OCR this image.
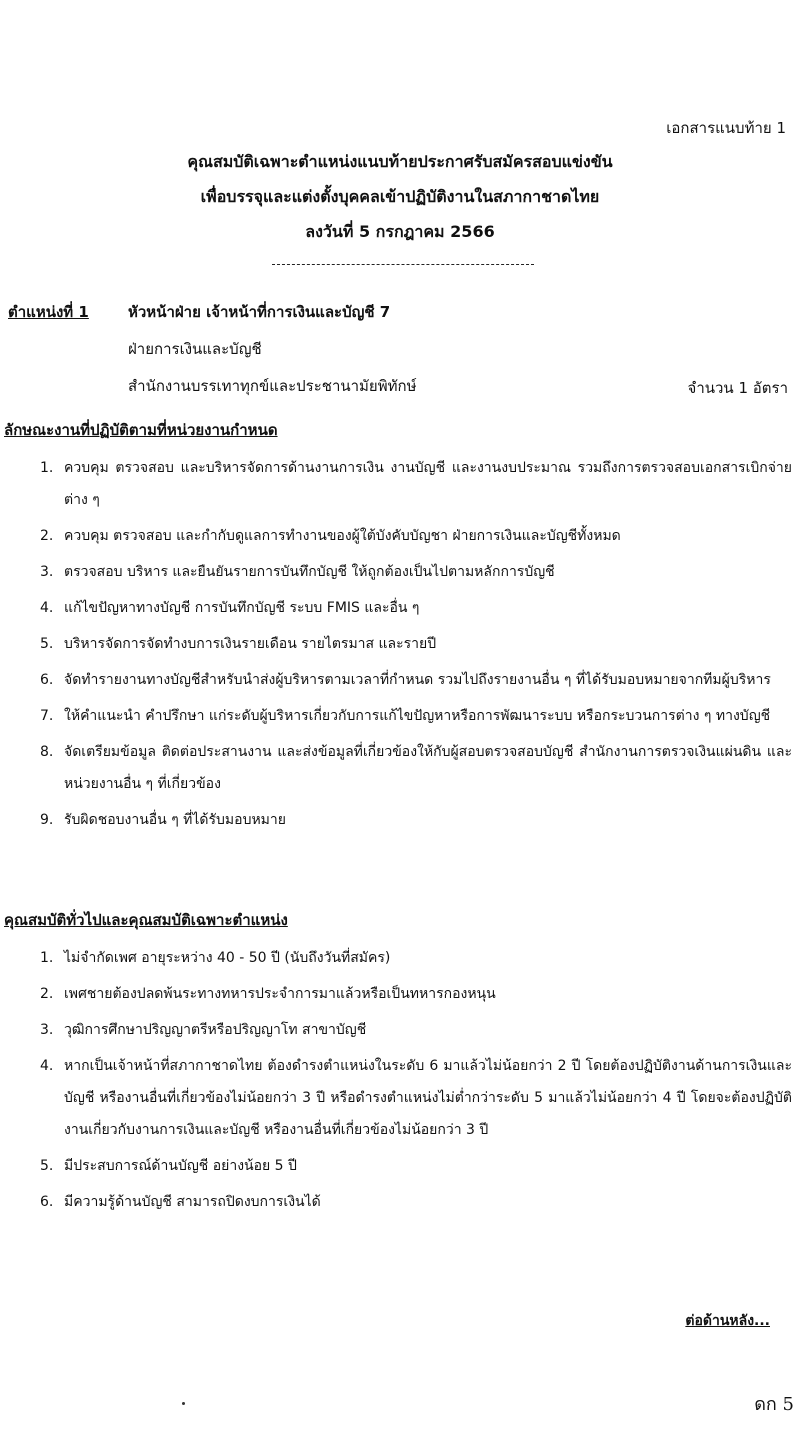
เอกสารแนบท้าย 1
คุณสมบัติเฉพาะตำแหน่งแนบท้ายประกาศรับสมัครสอบแข่งขัน
เพื่อบรรจุและแต่งตั้งบุคคลเข้าปฏิบัติงานในสภากาชาดไทย
ลงวันที่ 5 กรกฎาคม 2566
ตำแหน่งที่ 1	หัวหน้าฝ่าย เจ้าหน้าที่การเงินและบัญชี 7
ฝ่ายการเงินและบัญชี
สำนักงานบรรเทาทุกข์และประชานามัยพิทักษ์	จำนวน 1 อัตรา
ลักษณะงานที่ปฏิบัติตามที่หน่วยงานกำหนด
1. ควบคุม ตรวจสอบ และบริหารจัดการด้านงานการเงิน งานบัญชี และงานงบประมาณ รวมถึงการตรวจสอบเอกสารเบิกจ่ายต่าง ๆ
2. ควบคุม ตรวจสอบ และกำกับดูแลการทำงานของผู้ใต้บังคับบัญชา ฝ่ายการเงินและบัญชีทั้งหมด
3. ตรวจสอบ บริหาร และยืนยันรายการบันทึกบัญชี ให้ถูกต้องเป็นไปตามหลักการบัญชี
4. แก้ไขปัญหาทางบัญชี การบันทึกบัญชี ระบบ FMIS และอื่น ๆ
5. บริหารจัดการจัดทำงบการเงินรายเดือน รายไตรมาส และรายปี
6. จัดทำรายงานทางบัญชีสำหรับนำส่งผู้บริหารตามเวลาที่กำหนด รวมไปถึงรายงานอื่น ๆ ที่ได้รับมอบหมายจากทีมผู้บริหาร
7. ให้คำแนะนำ คำปรึกษา แก่ระดับผู้บริหารเกี่ยวกับการแก้ไขปัญหาหรือการพัฒนาระบบ หรือกระบวนการต่าง ๆ ทางบัญชี
8. จัดเตรียมข้อมูล ติดต่อประสานงาน และส่งข้อมูลที่เกี่ยวข้องให้กับผู้สอบตรวจสอบบัญชี สำนักงานการตรวจเงินแผ่นดิน และหน่วยงานอื่น ๆ ที่เกี่ยวข้อง
9. รับผิดชอบงานอื่น ๆ ที่ได้รับมอบหมาย
คุณสมบัติทั่วไปและคุณสมบัติเฉพาะตำแหน่ง
1. ไม่จำกัดเพศ อายุระหว่าง 40 - 50 ปี (นับถึงวันที่สมัคร)
2. เพศชายต้องปลดพ้นระทางทหารประจำการมาแล้วหรือเป็นทหารกองหนุน
3. วุฒิการศึกษาปริญญาตรีหรือปริญญาโท สาขาบัญชี
4. หากเป็นเจ้าหน้าที่สภากาชาดไทย ต้องดำรงตำแหน่งในระดับ 6 มาแล้วไม่น้อยกว่า 2 ปี โดยต้องปฏิบัติงานด้านการเงินและบัญชี หรืองานอื่นที่เกี่ยวข้องไม่น้อยกว่า 3 ปี หรือดำรงตำแหน่งไม่ต่ำกว่าระดับ 5 มาแล้วไม่น้อยกว่า 4 ปี โดยจะต้องปฏิบัติงานเกี่ยวกับงานการเงินและบัญชี หรืองานอื่นที่เกี่ยวข้องไม่น้อยกว่า 3 ปี
5. มีประสบการณ์ด้านบัญชี อย่างน้อย 5 ปี
6. มีความรู้ด้านบัญชี สามารถปิดงบการเงินได้
ต่อด้านหลัง...
ดก 5
